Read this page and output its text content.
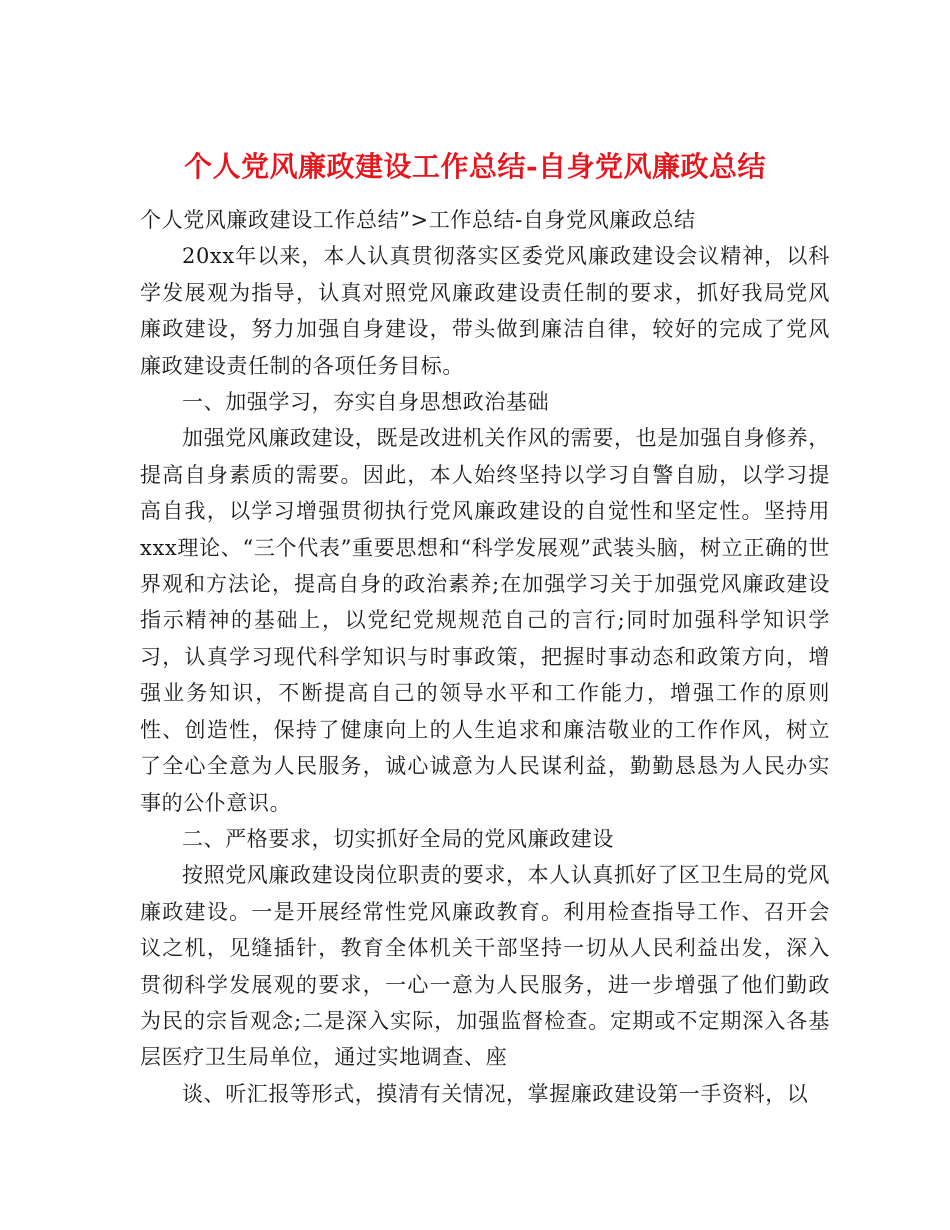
个人党风廉政建设工作总结-自身党风廉政总结

个人党风廉政建设工作总结”>工作总结-自身党风廉政总结

20xx年以来，本人认真贯彻落实区委党风廉政建设会议精神，以科学发展观为指导，认真对照党风廉政建设责任制的要求，抓好我局党风廉政建设，努力加强自身建设，带头做到廉洁自律，较好的完成了党风廉政建设责任制的各项任务目标。

一、加强学习，夯实自身思想政治基础

加强党风廉政建设，既是改进机关作风的需要，也是加强自身修养，提高自身素质的需要。因此，本人始终坚持以学习自警自励，以学习提高自我，以学习增强贯彻执行党风廉政建设的自觉性和坚定性。坚持用xxx理论、“三个代表”重要思想和“科学发展观”武装头脑，树立正确的世界观和方法论，提高自身的政治素养;在加强学习关于加强党风廉政建设指示精神的基础上，以党纪党规规范自己的言行;同时加强科学知识学习，认真学习现代科学知识与时事政策，把握时事动态和政策方向，增强业务知识，不断提高自己的领导水平和工作能力，增强工作的原则性、创造性，保持了健康向上的人生追求和廉洁敬业的工作作风，树立了全心全意为人民服务，诚心诚意为人民谋利益，勤勤恳恳为人民办实事的公仆意识。

二、严格要求，切实抓好全局的党风廉政建设

按照党风廉政建设岗位职责的要求，本人认真抓好了区卫生局的党风廉政建设。一是开展经常性党风廉政教育。利用检查指导工作、召开会议之机，见缝插针，教育全体机关干部坚持一切从人民利益出发，深入贯彻科学发展观的要求，一心一意为人民服务，进一步增强了他们勤政为民的宗旨观念;二是深入实际，加强监督检查。定期或不定期深入各基层医疗卫生局单位，通过实地调查、座

谈、听汇报等形式，摸清有关情况，掌握廉政建设第一手资料，以
